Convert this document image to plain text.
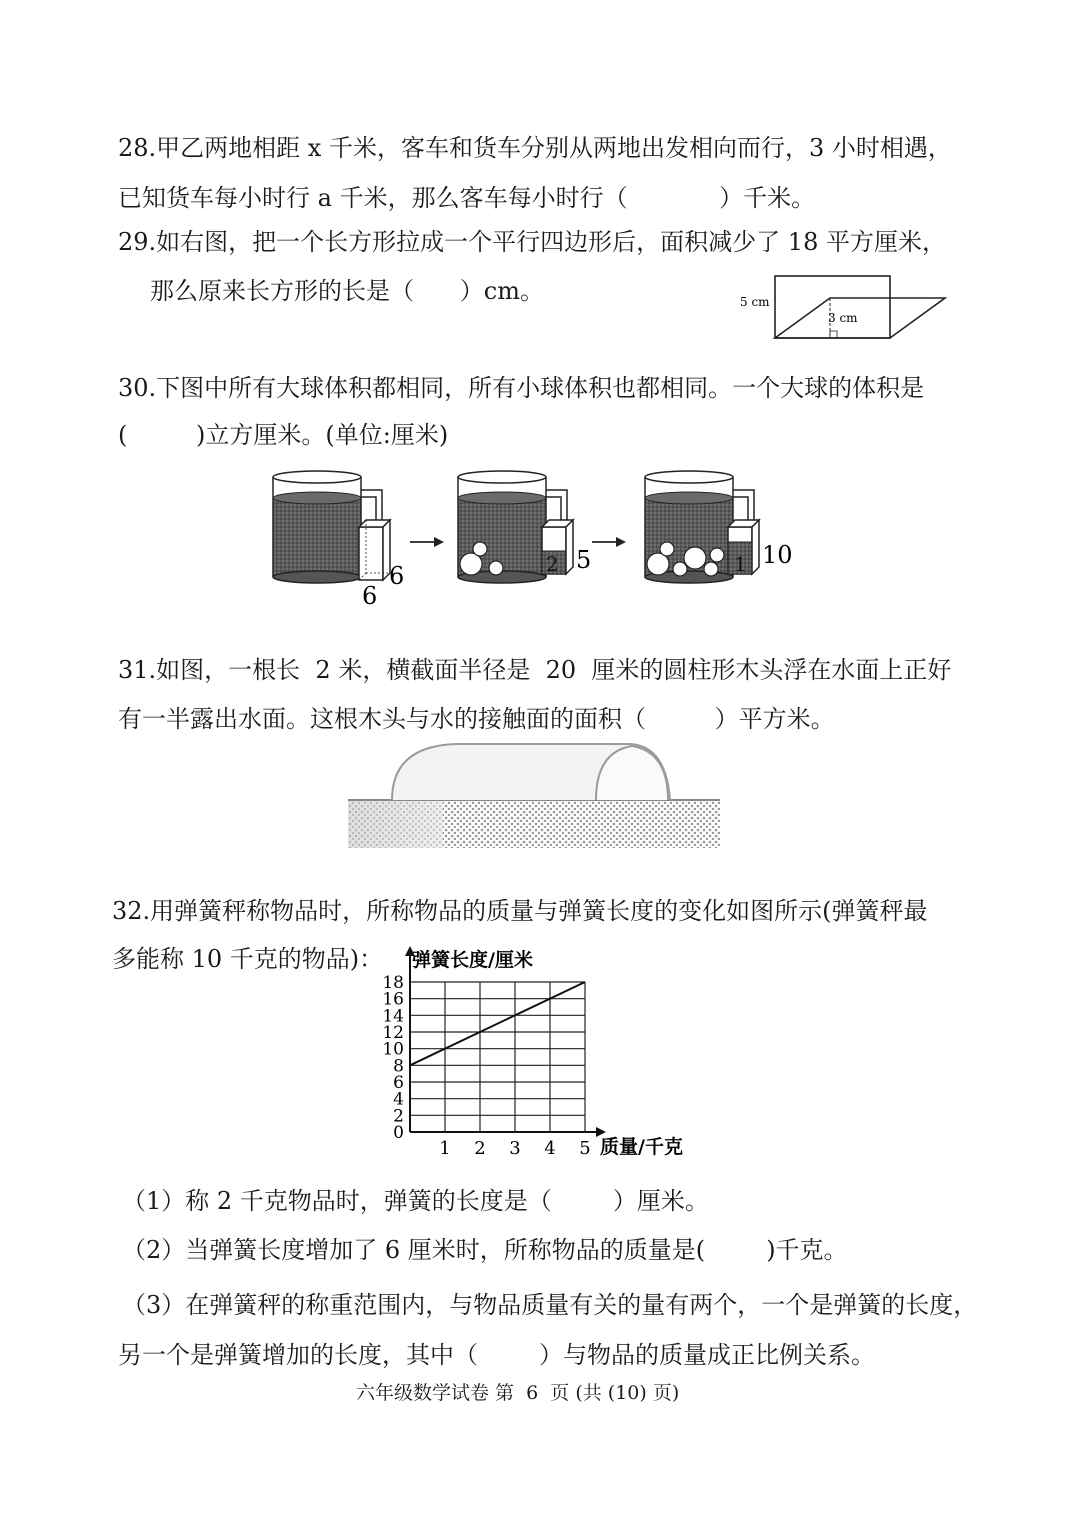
28.甲乙两地相距 x 千米，客车和货车分别从两地出发相向而行，3 小时相遇，
已知货车每小时行 a 千米，那么客车每小时行（            ）千米。
29.如右图，把一个长方形拉成一个平行四边形后，面积减少了 18 平方厘米，
那么原来长方形的长是（      ）cm。	5 cm
3 cm
30.下图中所有大球体积都相同，所有小球体积也都相同。一个大球的体积是
(         )立方厘米。(单位:厘米)
6
6
2 5	1 10
31.如图，一根长  2 米，横截面半径是  20  厘米的圆柱形木头浮在水面上正好
有一半露出水面。这根木头与水的接触面的面积（         ）平方米。
32.用弹簧秤称物品时，所称物品的质量与弹簧长度的变化如图所示(弹簧秤最
多能称 10 千克的物品)：
0
2
4
6
8
10
12
14
16
18
1 2 3 4 5
弹簧长度/厘米
质量/千克
（1）称 2 千克物品时，弹簧的长度是（        ）厘米。
（2）当弹簧长度增加了 6 厘米时，所称物品的质量是(        )千克。
（3）在弹簧秤的称重范围内，与物品质量有关的量有两个，一个是弹簧的长度，
另一个是弹簧增加的长度，其中（        ）与物品的质量成正比例关系。
六年级数学试卷 第  6  页 (共 (10) 页)
